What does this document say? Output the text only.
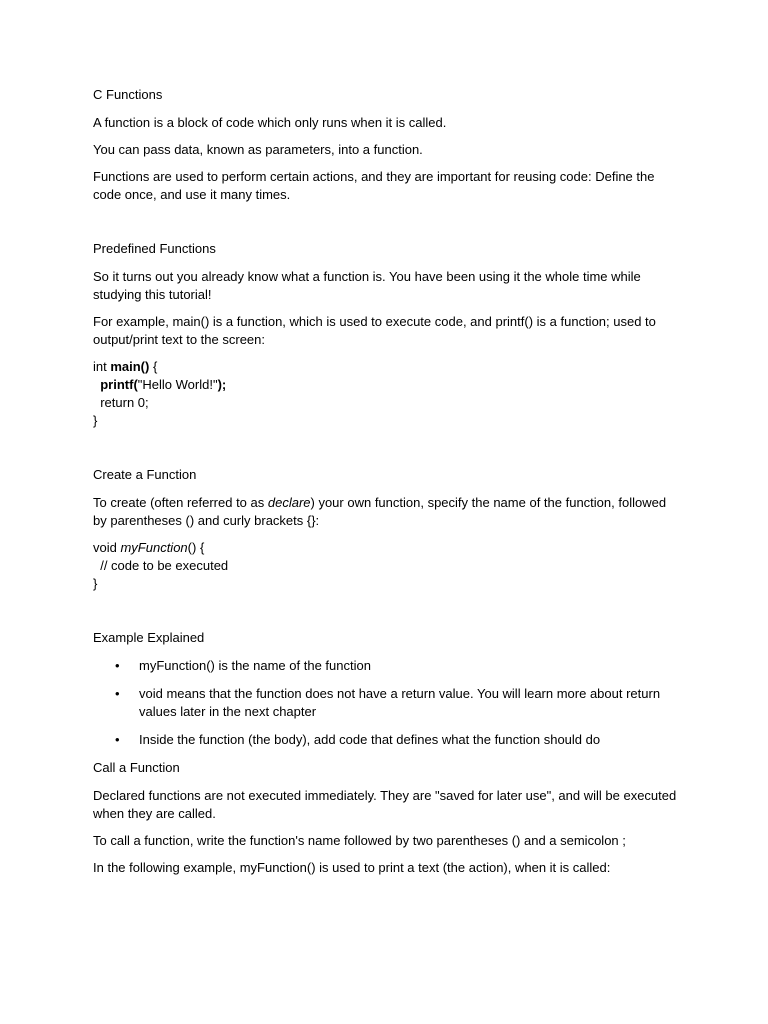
C Functions
A function is a block of code which only runs when it is called.
You can pass data, known as parameters, into a function.
Functions are used to perform certain actions, and they are important for reusing code: Define the code once, and use it many times.
Predefined Functions
So it turns out you already know what a function is. You have been using it the whole time while studying this tutorial!
For example, main() is a function, which is used to execute code, and printf() is a function; used to output/print text to the screen:
int main() {
printf("Hello World!");
return 0;
}
Create a Function
To create (often referred to as declare) your own function, specify the name of the function, followed by parentheses () and curly brackets {}:
void myFunction() {
// code to be executed
}
Example Explained
• myFunction() is the name of the function
• void means that the function does not have a return value. You will learn more about return values later in the next chapter
• Inside the function (the body), add code that defines what the function should do
Call a Function
Declared functions are not executed immediately. They are "saved for later use", and will be executed when they are called.
To call a function, write the function's name followed by two parentheses () and a semicolon ;
In the following example, myFunction() is used to print a text (the action), when it is called:
